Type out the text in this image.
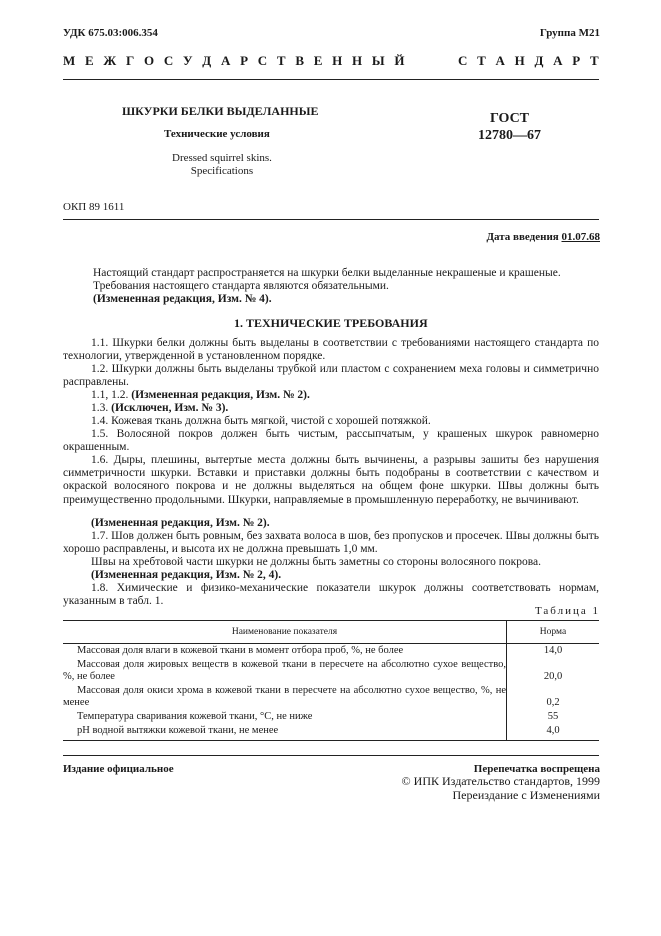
УДК 675.03:006.354	Группа М21
М Е Ж Г О С У Д А Р С Т В Е Н Н Ы Й	С Т А Н Д А Р Т
ШКУРКИ БЕЛКИ ВЫДЕЛАННЫЕ
Технические условия
Dressed squirrel skins.
Specifications
ГОСТ
12780—67
ОКП 89 1611
Дата введения 01.07.68
Настоящий стандарт распространяется на шкурки белки выделанные некрашеные и крашеные.
Требования настоящего стандарта являются обязательными.
(Измененная редакция, Изм. № 4).
1. ТЕХНИЧЕСКИЕ ТРЕБОВАНИЯ
1.1. Шкурки белки должны быть выделаны в соответствии с требованиями настоящего стандарта по технологии, утвержденной в установленном порядке.
1.2. Шкурки должны быть выделаны трубкой или пластом с сохранением меха головы и симметрично расправлены.
1.1, 1.2. (Измененная редакция, Изм. № 2).
1.3. (Исключен, Изм. № 3).
1.4. Кожевая ткань должна быть мягкой, чистой с хорошей потяжкой.
1.5. Волосяной покров должен быть чистым, рассыпчатым, у крашеных шкурок равномерно окрашенным.
1.6. Дыры, плешины, вытертые места должны быть вычинены, а разрывы зашиты без нарушения симметричности шкурки. Вставки и приставки должны быть подобраны в соответствии с качеством и окраской волосяного покрова и не должны выделяться на общем фоне шкурки. Швы должны быть преимущественно продольными. Шкурки, направляемые в промышленную переработку, не вычинивают.
(Измененная редакция, Изм. № 2).
1.7. Шов должен быть ровным, без захвата волоса в шов, без пропусков и просечек. Швы должны быть хорошо расправлены, и высота их не должна превышать 1,0 мм.
Швы на хребтовой части шкурки не должны быть заметны со стороны волосяного покрова.
(Измененная редакция, Изм. № 2, 4).
1.8. Химические и физико-механические показатели шкурок должны соответствовать нормам, указанным в табл. 1.
Таблица 1
Наименование показателя	Норма
Массовая доля влаги в кожевой ткани в момент отбора проб, %, не более	14,0
Массовая доля жировых веществ в кожевой ткани в пересчете на абсолютно сухое вещество, %, не более	20,0
Массовая доля окиси хрома в кожевой ткани в пересчете на абсолютно сухое вещество, %, не менее	0,2
Температура сваривания кожевой ткани, °С, не ниже	55
pH водной вытяжки кожевой ткани, не менее	4,0
Издание официальное	Перепечатка воспрещена
© ИПК Издательство стандартов, 1999
Переиздание с Изменениями
